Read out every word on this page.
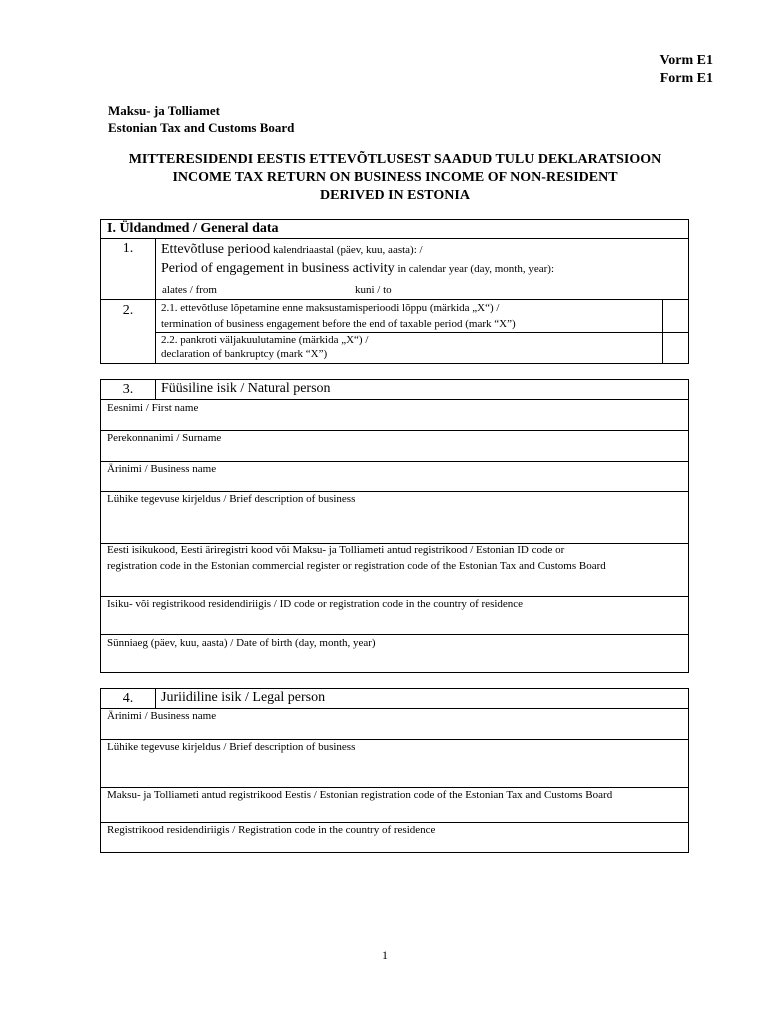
Vorm E1
Form E1
Maksu- ja Tolliamet
Estonian Tax and Customs Board
MITTERESIDENDI EESTIS ETTEVÕTLUSEST SAADUD TULU DEKLARATSIOON
INCOME TAX RETURN ON BUSINESS INCOME OF NON-RESIDENT
DERIVED IN ESTONIA
I. Üldandmed / General data
1.	Ettevõtluse periood kalendriaastal (päev, kuu, aasta): /
Period of engagement in business activity in calendar year (day, month, year):
alates / from	kuni / to
2.	2.1. ettevõtluse lõpetamine enne maksustamisperioodi lõppu (märkida „X“) /
termination of business engagement before the end of taxable period (mark “X”)
2.2. pankroti väljakuulutamine (märkida „X“) /
declaration of bankruptcy (mark “X”)
3.	Füüsiline isik / Natural person
Eesnimi / First name
Perekonnanimi / Surname
Ärinimi / Business name
Lühike tegevuse kirjeldus / Brief description of business
Eesti isikukood, Eesti äriregistri kood või Maksu- ja Tolliameti antud registrikood / Estonian ID code or
registration code in the Estonian commercial register or registration code of the Estonian Tax and Customs Board
Isiku- või registrikood residendiriigis / ID code or registration code in the country of residence
Sünniaeg (päev, kuu, aasta) / Date of birth (day, month, year)
4.	Juriidiline isik / Legal person
Ärinimi / Business name
Lühike tegevuse kirjeldus / Brief description of business
Maksu- ja Tolliameti antud registrikood Eestis / Estonian registration code of the Estonian Tax and Customs Board
Registrikood residendiriigis / Registration code in the country of residence
1
